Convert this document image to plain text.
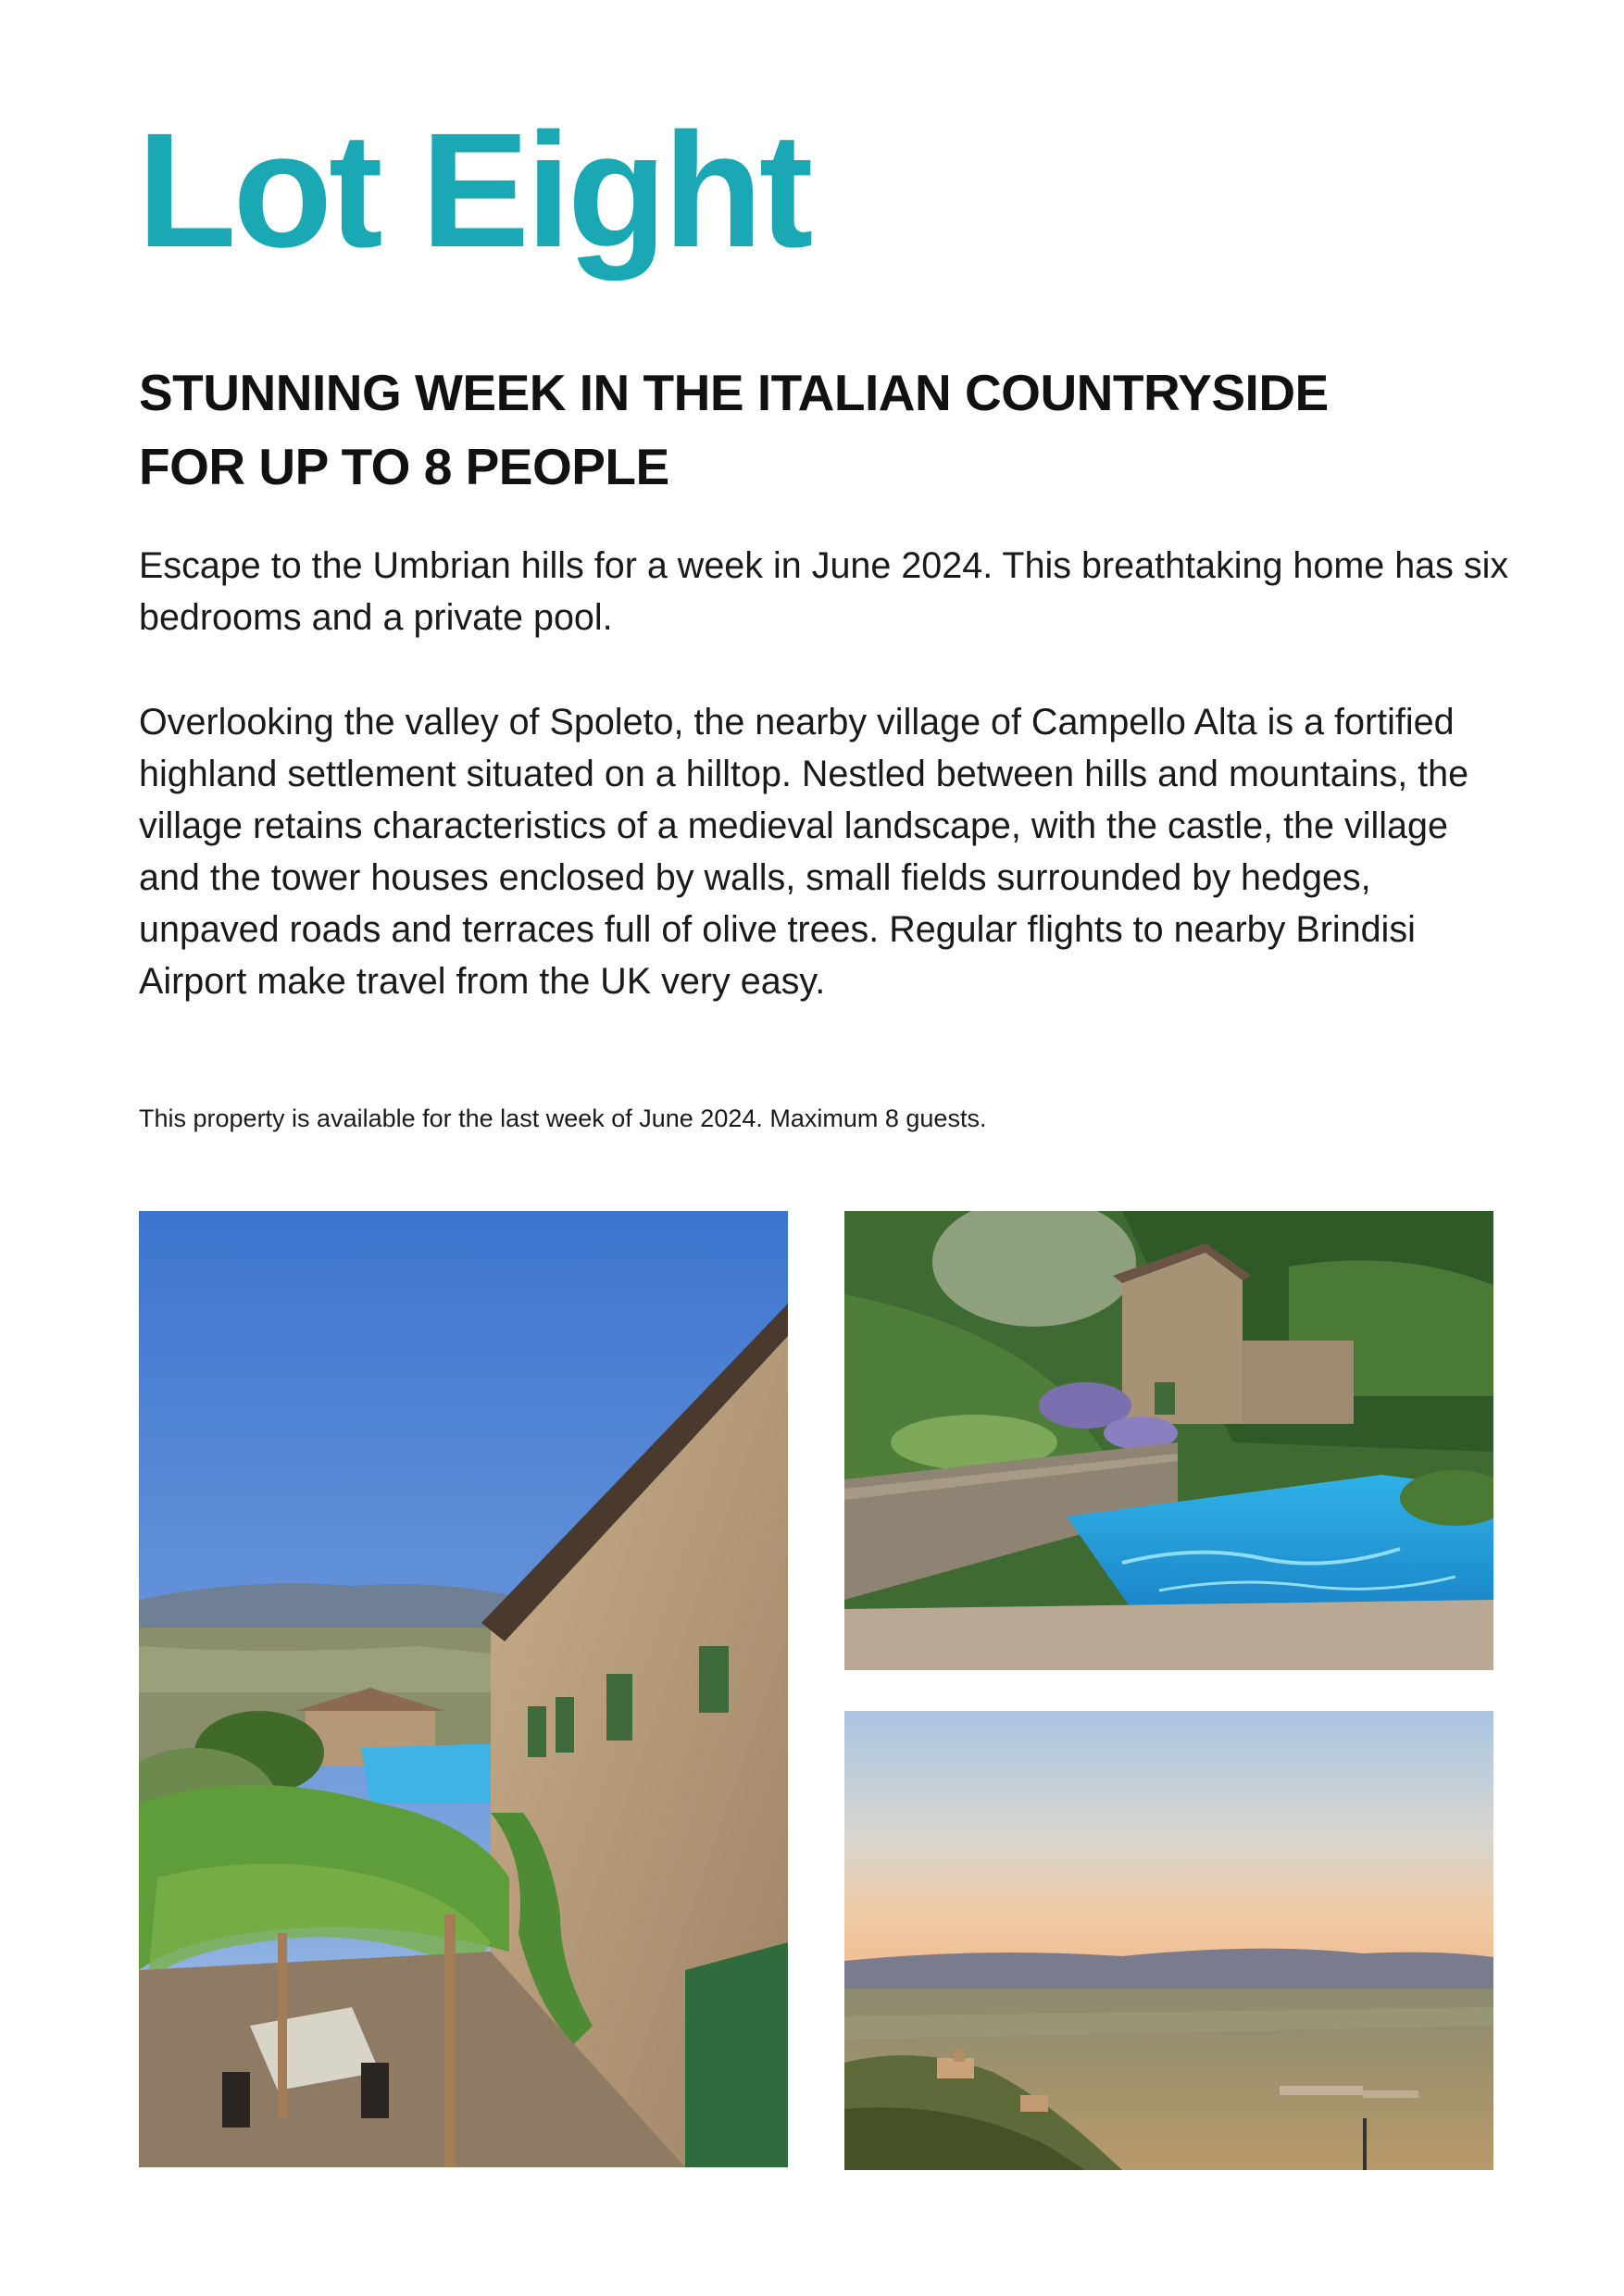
Lot Eight
STUNNING WEEK IN THE ITALIAN COUNTRYSIDE
FOR UP TO 8 PEOPLE

Escape to the Umbrian hills for a week in June 2024. This breathtaking home has six bedrooms and a private pool.

Overlooking the valley of Spoleto, the nearby village of Campello Alta is a fortified highland settlement situated on a hilltop. Nestled between hills and mountains, the village retains characteristics of a medieval landscape, with the castle, the village and the tower houses enclosed by walls, small fields surrounded by hedges, unpaved roads and terraces full of olive trees. Regular flights to nearby Brindisi Airport make travel from the UK very easy.

This property is available for the last week of June 2024. Maximum 8 guests.
